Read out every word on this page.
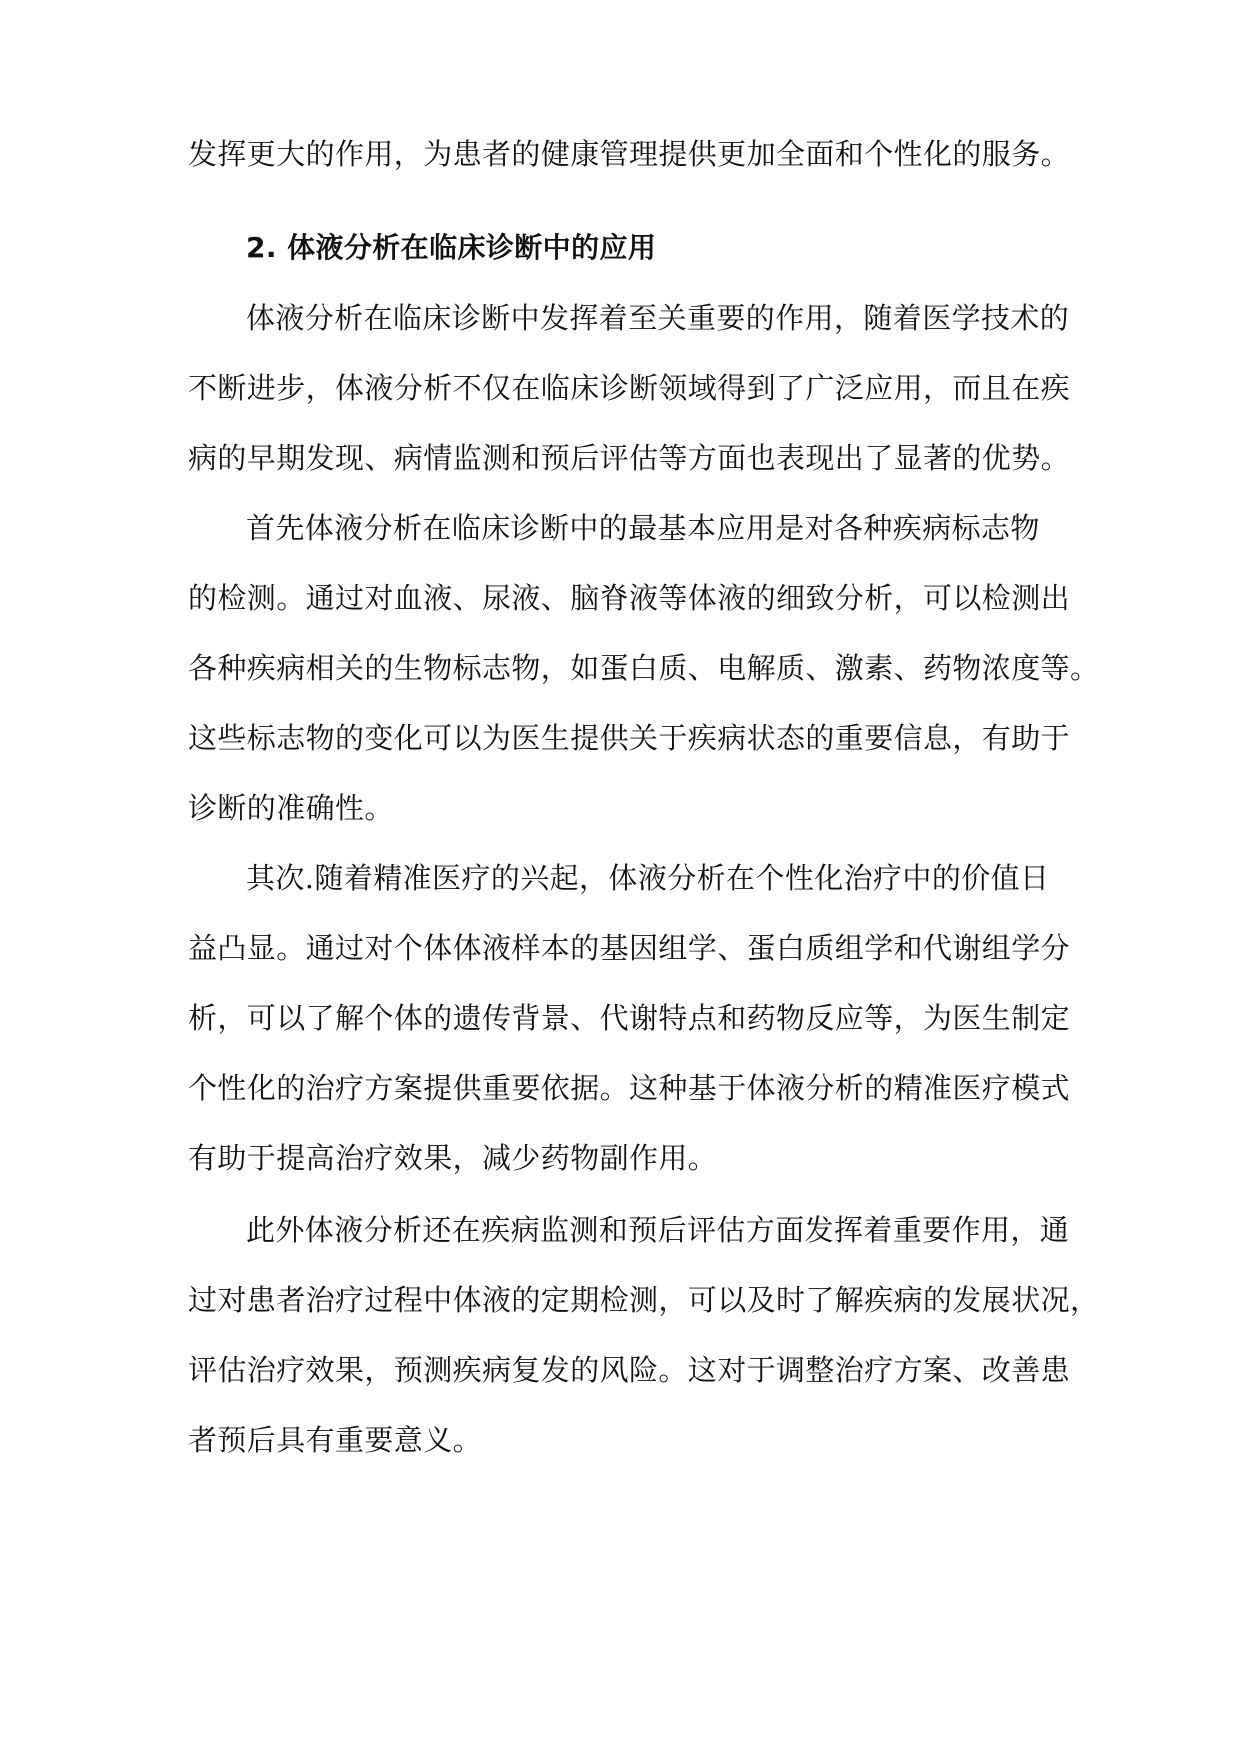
发挥更大的作用，为患者的健康管理提供更加全面和个性化的服务。
2. 体液分析在临床诊断中的应用
体液分析在临床诊断中发挥着至关重要的作用，随着医学技术的
不断进步，体液分析不仅在临床诊断领域得到了广泛应用，而且在疾
病的早期发现、病情监测和预后评估等方面也表现出了显著的优势。
首先体液分析在临床诊断中的最基本应用是对各种疾病标志物
的检测。通过对血液、尿液、脑脊液等体液的细致分析，可以检测出
各种疾病相关的生物标志物，如蛋白质、电解质、激素、药物浓度等。
这些标志物的变化可以为医生提供关于疾病状态的重要信息，有助于
诊断的准确性。
其次.随着精准医疗的兴起，体液分析在个性化治疗中的价值日
益凸显。通过对个体体液样本的基因组学、蛋白质组学和代谢组学分
析，可以了解个体的遗传背景、代谢特点和药物反应等，为医生制定
个性化的治疗方案提供重要依据。这种基于体液分析的精准医疗模式
有助于提高治疗效果，减少药物副作用。
此外体液分析还在疾病监测和预后评估方面发挥着重要作用，通
过对患者治疗过程中体液的定期检测，可以及时了解疾病的发展状况，
评估治疗效果，预测疾病复发的风险。这对于调整治疗方案、改善患
者预后具有重要意义。
